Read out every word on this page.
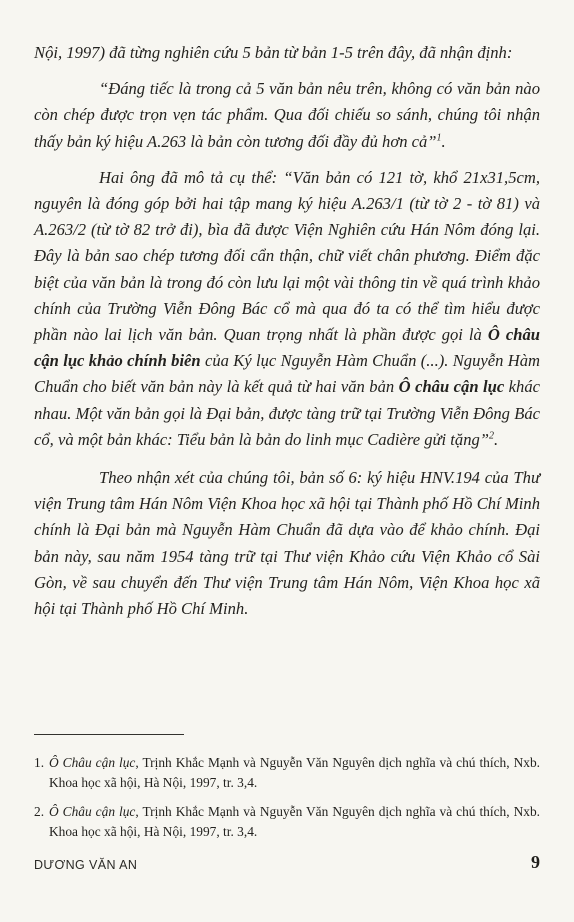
Nội, 1997) đã từng nghiên cứu 5 bản từ bản 1-5 trên đây, đã nhận định:

“Đáng tiếc là trong cả 5 văn bản nêu trên, không có văn bản nào còn chép được trọn vẹn tác phẩm. Qua đối chiếu so sánh, chúng tôi nhận thấy bản ký hiệu A.263 là bản còn tương đối đầy đủ hơn cả”$^1$.

Hai ông đã mô tả cụ thể: “Văn bản có 121 tờ, khổ 21x31,5cm, nguyên là đóng góp bởi hai tập mang ký hiệu A.263/1 (từ tờ 2 - tờ 81) và A.263/2 (từ tờ 82 trở đi), bìa đã được Viện Nghiên cứu Hán Nôm đóng lại. Đây là bản sao chép tương đối cẩn thận, chữ viết chân phương. Điểm đặc biệt của văn bản là trong đó còn lưu lại một vài thông tin về quá trình khảo chính của Trường Viễn Đông Bác cổ mà qua đó ta có thể tìm hiểu được phần nào lai lịch văn bản. Quan trọng nhất là phần được gọi là Ô châu cận lục khảo chính biên của Ký lục Nguyễn Hàm Chuẩn (...). Nguyễn Hàm Chuẩn cho biết văn bản này là kết quả từ hai văn bản Ô châu cận lục khác nhau. Một văn bản gọi là Đại bản, được tàng trữ tại Trường Viễn Đông Bác cổ, và một bản khác: Tiểu bản là bản do linh mục Cadière gửi tặng”$^2$.

Theo nhận xét của chúng tôi, bản số 6: ký hiệu HNV.194 của Thư viện Trung tâm Hán Nôm Viện Khoa học xã hội tại Thành phố Hồ Chí Minh chính là Đại bản mà Nguyễn Hàm Chuẩn đã dựa vào để khảo chính. Đại bản này, sau năm 1954 tàng trữ tại Thư viện Khảo cứu Viện Khảo cổ Sài Gòn, về sau chuyển đến Thư viện Trung tâm Hán Nôm, Viện Khoa học xã hội tại Thành phố Hồ Chí Minh.

1. Ô Châu cận lục, Trịnh Khắc Mạnh và Nguyễn Văn Nguyên dịch nghĩa và chú thích, Nxb. Khoa học xã hội, Hà Nội, 1997, tr. 3,4.

2. Ô Châu cận lục, Trịnh Khắc Mạnh và Nguyễn Văn Nguyên dịch nghĩa và chú thích, Nxb. Khoa học xã hội, Hà Nội, 1997, tr. 3,4.

DƯƠNG VĂN AN	9
